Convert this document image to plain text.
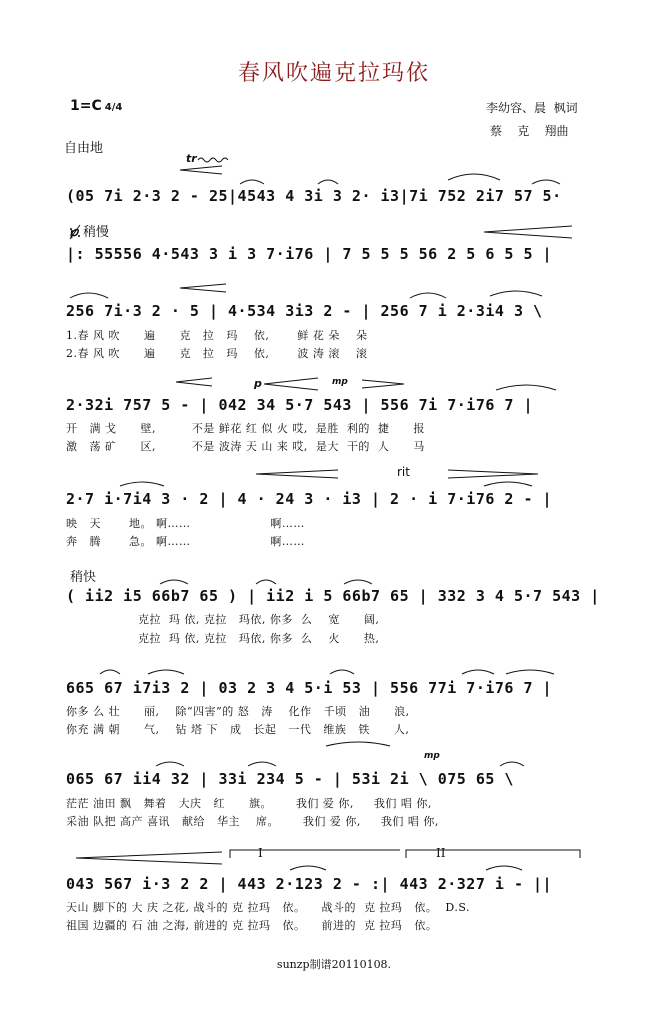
春风吹遍克拉玛依
1=C 4/4	李幼容、晨  枫词
蔡    克    翔曲
自由地
tr
稍慢
稍快
rit
p	mp
mp
(05 7i 2·3 2 - 25|4543 4 3i 3 2· i3|7i 752 2i7 57 5·
|: 55556 4·543 3 i 3 7·i76 | 7 5 5 5 56 2 5 6 5 5 |
256 7i·3 2 · 5 | 4·534 3i3 2 - | 256 7 i 2·3i4 3 \
1.春 风 吹      遍      克   拉   玛    依,       鲜 花 朵    朵
2.春 风 吹      遍      克   拉   玛    依,       波 涛 滚    滚
2·32i 757 5 - | 042 34 5·7 543 | 556 7i 7·i76 7 |
开   满 戈      壁,         不是 鲜花 红 似 火 哎,  是胜  利的  捷      报
激   荡 矿      区,         不是 波涛 天 山 来 哎,  是大  干的  人      马
2·7 i·7i4 3 · 2 | 4 · 24 3 · i3 | 2 · i 7·i76 2 - |
映   天       地。 啊……                    啊……
奔   腾       急。 啊……                    啊……
( ii2 i5 66b7 65 ) | ii2 i 5 66b7 65 | 332 3 4 5·7 543 |
克拉  玛 依, 克拉   玛依, 你多  么    宽      阔,
克拉  玛 依, 克拉   玛依, 你多  么    火      热,
665 67 i7i3 2 | 03 2 3 4 5·i 53 | 556 77i 7·i76 7 |
你多 么 壮      丽,    除“四害”的 怒   涛    化作   千顷   油      浪,
你充 满 朝      气,    钻 塔 下   成   长起   一代   维族   铁      人,
065 67 ii4 32 | 33i 234 5 - | 53i 2i \ 075 65 \
茫茫 油田 飘   舞着   大庆   红      旗。      我们 爱 你,     我们 唱 你,
采油 队把 高产 喜讯   献给   华主    席。      我们 爱 你,     我们 唱 你,
043 567 i·3 2 2 | 443 2·123 2 - :| 443 2·327 i - ||
天山 脚下的 大 庆 之花, 战斗的 克 拉玛   依。    战斗的  克 拉玛   依。  D.S.
祖国 边疆的 石 油 之海, 前进的 克 拉玛   依。    前进的  克 拉玛   依。
I	II
sunzp制谱20110108.
